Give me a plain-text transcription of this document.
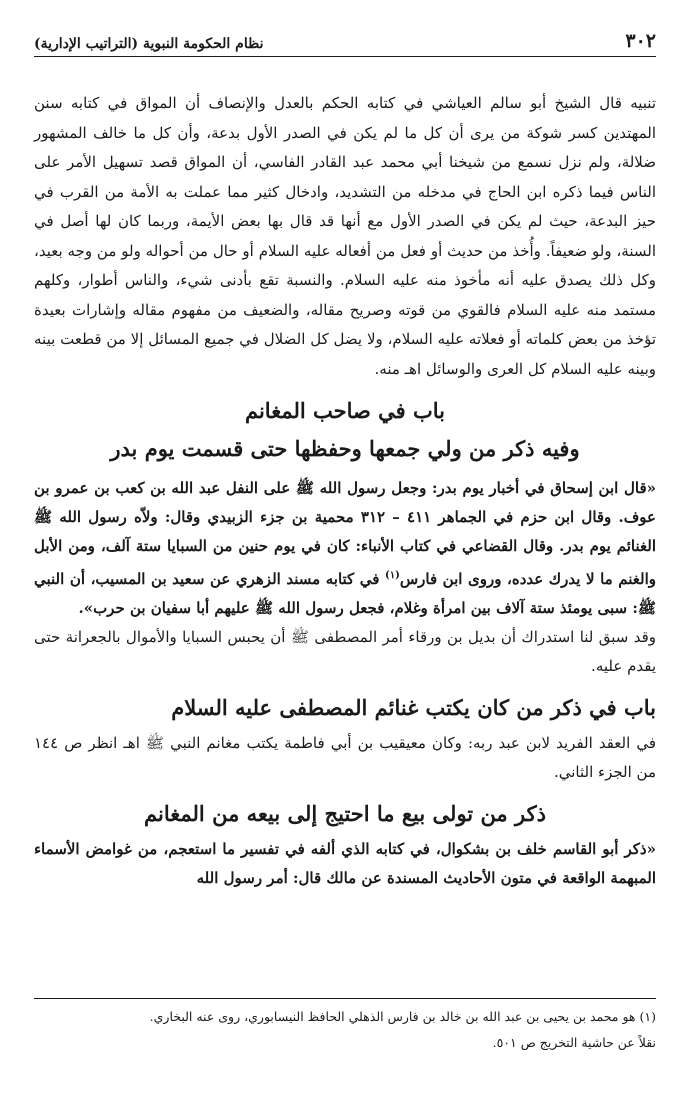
٣٠٢
نظام الحكومة النبوية (التراتيب الإدارية)

تنبيه قال الشيخ أبو سالم العياشي في كتابه الحكم بالعدل والإنصاف أن المواق في كتابه سنن المهتدين كسر شوكة من يرى أن كل ما لم يكن في الصدر الأول بدعة، وأن كل ما خالف المشهور ضلالة، ولم نزل نسمع من شيخنا أبي محمد عبد القادر الفاسي، أن المواق قصد تسهيل الأمر على الناس فيما ذكره ابن الحاج في مدخله من التشديد، وادخال كثير مما عملت به الأمة من القرب في حيز البدعة، حيث لم يكن في الصدر الأول مع أنها قد قال بها بعض الأيمة، وربما كان لها أصل في السنة، ولو ضعيفاً. وأُخذ من حديث أو فعل من أفعاله عليه السلام أو حال من أحواله ولو من وجه بعيد، وكل ذلك يصدق عليه أنه مأخوذ منه عليه السلام. والنسبة تقع بأدنى شيء، والناس أطوار، وكلهم مستمد منه عليه السلام فالقوي من قوته وصريح مقاله، والضعيف من مفهوم مقاله وإشارات بعيدة تؤخذ من بعض كلماته أو فعلاته عليه السلام، ولا يضل كل الضلال في جميع المسائل إلا من قطعت بينه وبينه عليه السلام كل العرى والوسائل اهـ منه.

باب في صاحب المغانم
وفيه ذكر من ولي جمعها وحفظها حتى قسمت يوم بدر

«قال ابن إسحاق في أخبار يوم بدر: وجعل رسول الله ﷺ على النفل عبد الله بن كعب بن عمرو بن عوف. وقال ابن حزم في الجماهر ٤١١ – ٣١٢ محمية بن جزء الزبيدي وقال: ولاّه رسول الله ﷺ الغنائم يوم بدر. وقال القضاعي في كتاب الأنباء: كان في يوم حنين من السبايا ستة آلف، ومن الأبل والغنم ما لا يدرك عدده، وروى ابن فارس$^{(١)}$ في كتابه مسند الزهري عن سعيد بن المسيب، أن النبي ﷺ: سبى يومئذ ستة آلاف بين امرأة وغلام، فجعل رسول الله ﷺ عليهم أبا سفيان بن حرب».

وقد سبق لنا استدراك أن بديل بن ورقاء أمر المصطفى ﷺ أن يحبس السبايا والأموال بالجعرانة حتى يقدم عليه.

باب في ذكر من كان يكتب غنائم المصطفى عليه السلام

في العقد الفريد لابن عبد ربه: وكان معيقيب بن أبي فاطمة يكتب مغانم النبي ﷺ اهـ انظر ص ١٤٤ من الجزء الثاني.

ذكر من تولى بيع ما احتيج إلى بيعه من المغانم

«ذكر أبو القاسم خلف بن بشكوال، في كتابه الذي ألفه في تفسير ما استعجم، من غوامض الأسماء المبهمة الواقعة في متون الأحاديث المسندة عن مالك قال: أمر رسول الله

(١) هو محمد بن يحيى بن عبد الله بن خالد بن فارس الذهلي الحافظ النيسابوري، روى عنه البخاري.
نقلاً عن حاشية التخريج ص ٥٠١.
